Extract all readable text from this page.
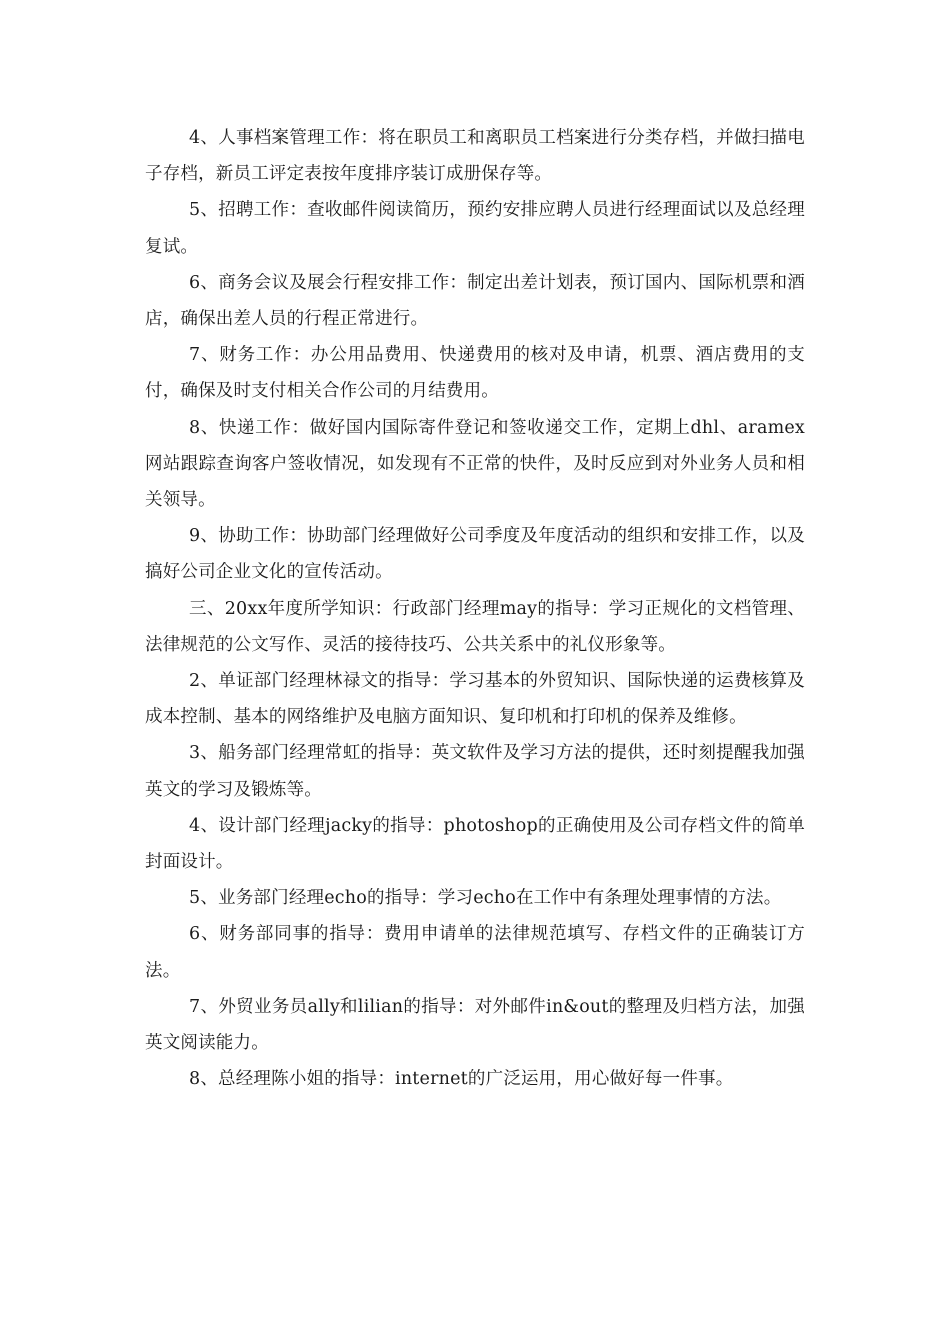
4、人事档案管理工作：将在职员工和离职员工档案进行分类存档，并做扫描电子存档，新员工评定表按年度排序装订成册保存等。

5、招聘工作：查收邮件阅读简历，预约安排应聘人员进行经理面试以及总经理复试。

6、商务会议及展会行程安排工作：制定出差计划表，预订国内、国际机票和酒店，确保出差人员的行程正常进行。

7、财务工作：办公用品费用、快递费用的核对及申请，机票、酒店费用的支付，确保及时支付相关合作公司的月结费用。

8、快递工作：做好国内国际寄件登记和签收递交工作，定期上dhl、aramex网站跟踪查询客户签收情况，如发现有不正常的快件，及时反应到对外业务人员和相关领导。

9、协助工作：协助部门经理做好公司季度及年度活动的组织和安排工作，以及搞好公司企业文化的宣传活动。

三、20xx年度所学知识：行政部门经理may的指导：学习正规化的文档管理、法律规范的公文写作、灵活的接待技巧、公共关系中的礼仪形象等。

2、单证部门经理林禄文的指导：学习基本的外贸知识、国际快递的运费核算及成本控制、基本的网络维护及电脑方面知识、复印机和打印机的保养及维修。

3、船务部门经理常虹的指导：英文软件及学习方法的提供，还时刻提醒我加强英文的学习及锻炼等。

4、设计部门经理jacky的指导：photoshop的正确使用及公司存档文件的简单封面设计。

5、业务部门经理echo的指导：学习echo在工作中有条理处理事情的方法。

6、财务部同事的指导：费用申请单的法律规范填写、存档文件的正确装订方法。

7、外贸业务员ally和lilian的指导：对外邮件in&out的整理及归档方法，加强英文阅读能力。

8、总经理陈小姐的指导：internet的广泛运用，用心做好每一件事。
